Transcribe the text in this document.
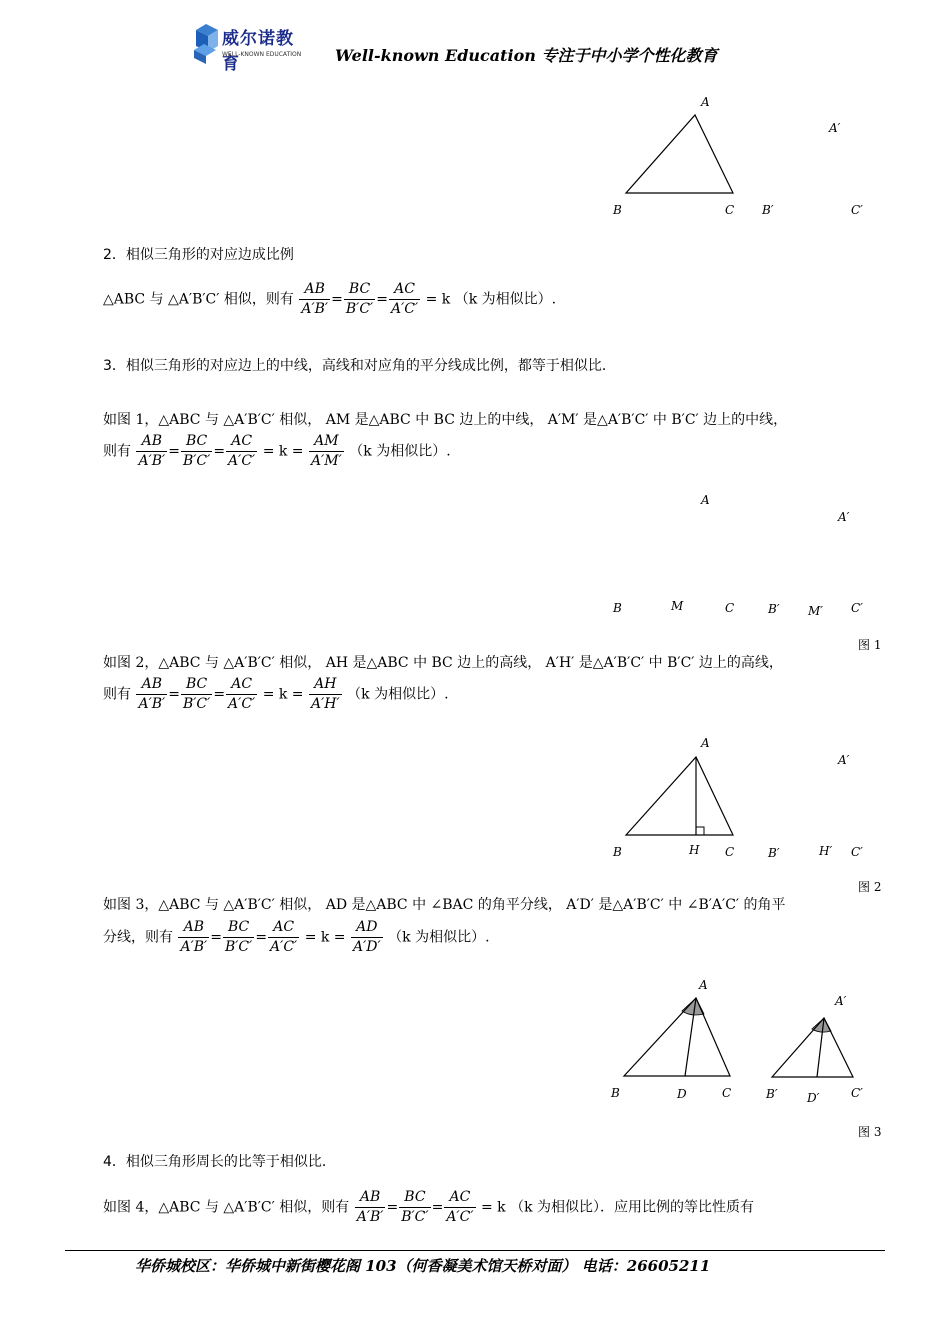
威尔诺教育
WELL-KNOWN EDUCATION Well-known Education 专注于中小学个性化教育
A
B	C
A′
B′	C′
2．相似三角形的对应边成比例
△ABC 与 △A′B′C′ 相似，则有 $\frac{AB}{A'B'} = \frac{BC}{B'C'} = \frac{AC}{A'C'} = k$ （k 为相似比）.
3．相似三角形的对应边上的中线，高线和对应角的平分线成比例，都等于相似比．
如图 1，△ABC 与 △A′B′C′ 相似， AM 是△ABC 中 BC 边上的中线， A′M′ 是△A′B′C′ 中 B′C′ 边上的中线，
则有 $\frac{AB}{A'B'} = \frac{BC}{B'C'} = \frac{AC}{A'C'} = k = \frac{AM}{A'M'} (k$ 为相似比）.
A
A′
B	M	C	B′ M′ C′
图 1
如图 2，△ABC 与 △A′B′C′ 相似， AH 是△ABC 中 BC 边上的高线， A′H′ 是△A′B′C′ 中 B′C′ 边上的高线，
则有 $\frac{AB}{A'B'} = \frac{BC}{B'C'} = \frac{AC}{A'C'} = k = \frac{AH}{A'H'} (k$ 为相似比）.
A
B	H C
A′
B′	H′ C′
图 2
如图 3，△ABC 与 △A′B′C′ 相似， AD 是△ABC 中 ∠BAC 的角平分线， A′D′ 是△A′B′C′ 中 ∠B′A′C′ 的角平
分线，则有 $\frac{AB}{A'B'} = \frac{BC}{B'C'} = \frac{AC}{A'C'} = k = \frac{AD}{A'D'} (k$ 为相似比）.
A
B	D	C
A′
B′ D′	C′
图 3
4．相似三角形周长的比等于相似比．
如图 4，△ABC 与 △A′B′C′ 相似，则有 $\frac{AB}{A'B'} = \frac{BC}{B'C'} = \frac{AC}{A'C'} = k$ （k 为相似比）．应用比例的等比性质有
华侨城校区：华侨城中新街樱花阁 103（何香凝美术馆天桥对面） 电话：26605211
